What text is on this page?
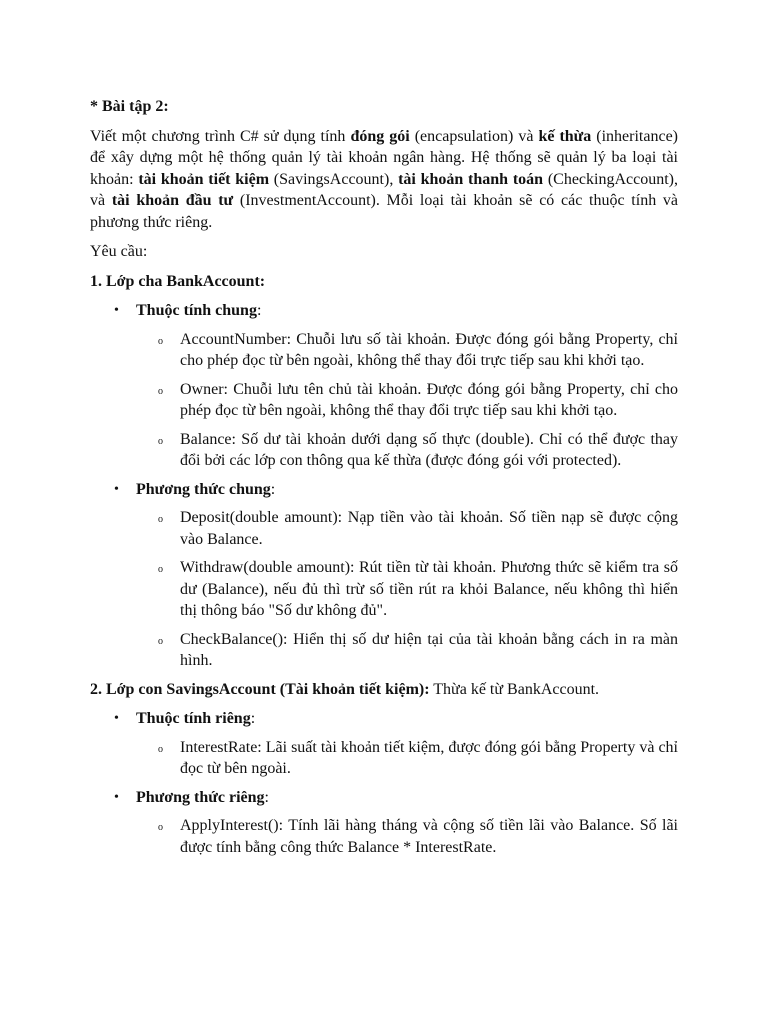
* Bài tập 2:

Viết một chương trình C# sử dụng tính đóng gói (encapsulation) và kế thừa (inheritance) để xây dựng một hệ thống quản lý tài khoản ngân hàng. Hệ thống sẽ quản lý ba loại tài khoản: tài khoản tiết kiệm (SavingsAccount), tài khoản thanh toán (CheckingAccount), và tài khoản đầu tư (InvestmentAccount). Mỗi loại tài khoản sẽ có các thuộc tính và phương thức riêng.

Yêu cầu:

1. Lớp cha BankAccount:

• Thuộc tính chung:
o AccountNumber: Chuỗi lưu số tài khoản. Được đóng gói bằng Property, chỉ cho phép đọc từ bên ngoài, không thể thay đổi trực tiếp sau khi khởi tạo.
o Owner: Chuỗi lưu tên chủ tài khoản. Được đóng gói bằng Property, chỉ cho phép đọc từ bên ngoài, không thể thay đổi trực tiếp sau khi khởi tạo.
o Balance: Số dư tài khoản dưới dạng số thực (double). Chỉ có thể được thay đổi bởi các lớp con thông qua kế thừa (được đóng gói với protected).
• Phương thức chung:
o Deposit(double amount): Nạp tiền vào tài khoản. Số tiền nạp sẽ được cộng vào Balance.
o Withdraw(double amount): Rút tiền từ tài khoản. Phương thức sẽ kiểm tra số dư (Balance), nếu đủ thì trừ số tiền rút ra khỏi Balance, nếu không thì hiển thị thông báo "Số dư không đủ".
o CheckBalance(): Hiển thị số dư hiện tại của tài khoản bằng cách in ra màn hình.

2. Lớp con SavingsAccount (Tài khoản tiết kiệm): Thừa kế từ BankAccount.

• Thuộc tính riêng:
o InterestRate: Lãi suất tài khoản tiết kiệm, được đóng gói bằng Property và chỉ đọc từ bên ngoài.
• Phương thức riêng:
o ApplyInterest(): Tính lãi hàng tháng và cộng số tiền lãi vào Balance. Số lãi được tính bằng công thức Balance * InterestRate.
